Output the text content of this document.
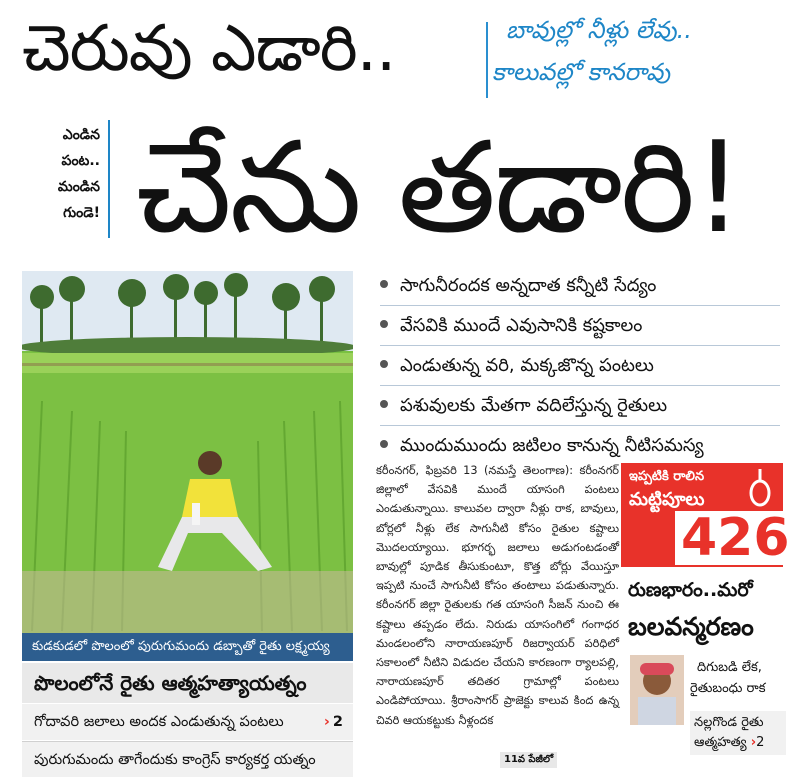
చెరువు ఎడారి..	బావుల్లో నీళ్లు లేవు..
కాలువల్లో కానరావు
ఎండిన
పంట..
మండిన
గుండె! చేను తడారి!
కుడకుడలో పొలంలో పురుగుమందు డబ్బాతో రైతు లక్ష్మయ్య
పొలంలోనే రైతు ఆత్మహత్యాయత్నం
గోదావరి జలాలు అందక ఎండుతున్న పంటలు	› 2
పురుగుమందు తాగేందుకు కాంగ్రెస్ కార్యకర్త యత్నం
సాగునీరందక అన్నదాత కన్నీటి సేద్యం
వేసవికి ముందే ఎవుసానికి కష్టకాలం
ఎండుతున్న వరి, మక్కజొన్న పంటలు
పశువులకు మేతగా వదిలేస్తున్న రైతులు
ముందుముందు జటిలం కానున్న నీటిసమస్య
కరీంనగర్, ఫిబ్రవరి 13 (నమస్తే తెలంగాణ): కరీంనగర్ జిల్లాలో వేసవికి ముందే యాసంగి పంటలు ఎండుతున్నాయి. కాలువల ద్వారా నీళ్లు రాక, బావులు, బోర్లలో నీళ్లు లేక సాగునీటి కోసం రైతుల కష్టాలు మొదలయ్యాయి. భూగర్భ జలాలు అడుగంటడంతో బావుల్లో పూడిక తీసుకుంటూ, కొత్త బోర్లు వేయిస్తూ ఇప్పటి నుంచే సాగునీటి కోసం తంటాలు పడుతున్నారు. కరీంనగర్ జిల్లా రైతులకు గత యాసంగి సీజన్ నుంచి ఈ కష్టాలు తప్పడం లేదు. నిరుడు యాసంగిలో గంగాధర మండలంలోని నారాయణపూర్ రిజర్వాయర్ పరిధిలో సకాలంలో నీటిని విడుదల చేయని కారణంగా ర్యాలపల్లి, నారాయణపూర్ తదితర గ్రామాల్లో పంటలు ఎండిపోయాయి. శ్రీరాంసాగర్ ప్రాజెక్టు కాలువ కింద ఉన్న చివరి ఆయకట్టుకు నీళ్లందక
11వ పేజీలో
ఇప్పటికి రాలిన
మట్టిపూలు
426
రుణభారం..మరో
బలవన్మరణం
దిగుబడి లేక,
రైతుబంధు రాక
నల్లగొండ రైతు ఆత్మహత్య ›2
